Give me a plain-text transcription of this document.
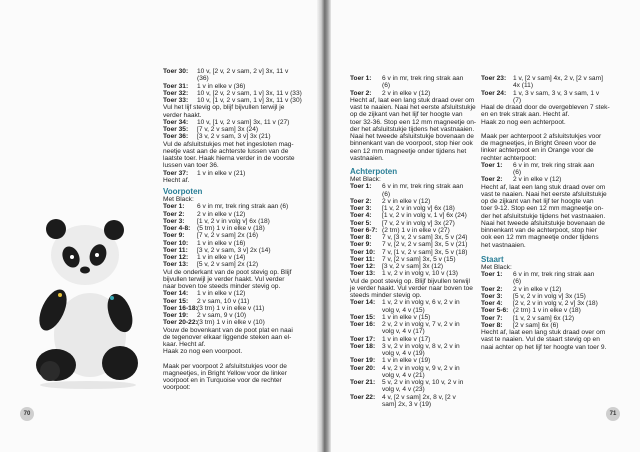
Toer 30:	10 v, [2 v, 2 v sam, 2 v] 3x, 11 v
(36)
Toer 31:	1 v in elke v (36)
Toer 32:	10 v, [2 v, 2 v sam, 1 v] 3x, 11 v (33)
Toer 33:	10 v, [1 v, 2 v sam, 1 v] 3x, 11 v (30)
Vul het lijf stevig op, blijf bijvullen terwijl je
verder haakt.
Toer 34:	10 v, [1 v, 2 v sam] 3x, 11 v (27)
Toer 35:	[7 v, 2 v sam] 3x (24)
Toer 36:	[3 v, 2 v sam, 3 v] 3x (21)
Vul de afsluitstukjes met het ingesloten mag-
neetje vast aan de achterste lussen van de
laatste toer. Haak hierna verder in de voorste
lussen van toer 36.
Toer 37:	1 v in elke v (21)
Hecht af.
Voorpoten
Met Black:
Toer 1:	6 v in mr, trek ring strak aan (6)
Toer 2:	2 v in elke v (12)
Toer 3:	[1 v, 2 v in volg v] 6x (18)
Toer 4-8:	(5 trn) 1 v in elke v (18)
Toer 9:	[7 v, 2 v sam] 2x (16)
Toer 10:	1 v in elke v (16)
Toer 11:	[3 v, 2 v sam, 3 v] 2x (14)
Toer 12:	1 v in elke v (14)
Toer 13:	[5 v, 2 v sam] 2x (12)
Vul de onderkant van de poot stevig op. Blijf
bijvullen terwijl je verder haakt. Vul verder
naar boven toe steeds minder stevig op.
Toer 14:	1 v in elke v (12)
Toer 15:	2 v sam, 10 v (11)
Toer 16-18: (3 trn) 1 v in elke v (11)
Toer 19:	2 v sam, 9 v (10)
Toer 20-22: (3 trn) 1 v in elke v (10)
Vouw de bovenkant van de poot plat en naai
de tegenover elkaar liggende steken aan el-
kaar. Hecht af.
Haak zo nog een voorpoot.
Maak per voorpoot 2 afsluitstukjes voor de
magneetjes, in Bright Yellow voor de linker
voorpoot en in Turquoise voor de rechter
voorpoot:
70
Toer 1:	6 v in mr, trek ring strak aan
(6)
Toer 2:	2 v in elke v (12)
Hecht af, laat een lang stuk draad over om
vast te naaien. Naai het eerste afsluitstukje
op de zijkant van het lijf ter hoogte van
toer 32-36. Stop een 12 mm magneetje on-
der het afsluitstukje tijdens het vastnaaien.
Naai het tweede afsluitstukje bovenaan de
binnenkant van de voorpoot, stop hier ook
een 12 mm magneetje onder tijdens het
vastnaaien.
Achterpoten
Met Black:
Toer 1:	6 v in mr, trek ring strak aan
(6)
Toer 2:	2 v in elke v (12)
Toer 3:	[1 v, 2 v in volg v] 6x (18)
Toer 4:	[1 v, 2 v in volg v, 1 v] 6x (24)
Toer 5:	[7 v, 2 v in volg v] 3x (27)
Toer 6-7: (2 trn) 1 v in elke v (27)
Toer 8:	7 v, [3 v, 2 v sam] 3x, 5 v (24)
Toer 9:	7 v, [2 v, 2 v sam] 3x, 5 v (21)
Toer 10:	7 v, [1 v, 2 v sam] 3x, 5 v (18)
Toer 11:	7 v, [2 v sam] 3x, 5 v (15)
Toer 12:	[3 v, 2 v sam] 3x (12)
Toer 13:	1 v, 2 v in volg v, 10 v (13)
Vul de poot stevig op. Blijf bijvullen terwijl
je verder haakt. Vul verder naar boven toe
steeds minder stevig op.
Toer 14:	1 v, 2 v in volg v, 6 v, 2 v in
volg v, 4 v (15)
Toer 15:	1 v in elke v (15)
Toer 16:	2 v, 2 v in volg v, 7 v, 2 v in
volg v, 4 v (17)
Toer 17:	1 v in elke v (17)
Toer 18:	3 v, 2 v in volg v, 8 v, 2 v in
volg v, 4 v (19)
Toer 19:	1 v in elke v (19)
Toer 20:	4 v, 2 v in volg v, 9 v, 2 v in
volg v, 4 v (21)
Toer 21:	5 v, 2 v in volg v, 10 v, 2 v in
volg v, 4 v (23)
Toer 22:	4 v, [2 v sam] 2x, 8 v, [2 v
sam] 2x, 3 v (19)
Toer 23:	1 v, [2 v sam] 4x, 2 v, [2 v sam]
4x (11)
Toer 24:	1 v, 3 v sam, 3 v, 3 v sam, 1 v
(7)
Haal de draad door de overgebleven 7 stek-
en en trek strak aan. Hecht af.
Haak zo nog een achterpoot.
Maak per achterpoot 2 afsluitstukjes voor
de magneetjes, in Bright Green voor de
linker achterpoot en in Orange voor de
rechter achterpoot:
Toer 1:	6 v in mr, trek ring strak aan
(6)
Toer 2:	2 v in elke v (12)
Hecht af, laat een lang stuk draad over om
vast te naaien. Naai het eerste afsluitstukje
op de zijkant van het lijf ter hoogte van
toer 9-12. Stop een 12 mm magneetje on-
der het afsluitstukje tijdens het vastnaaien.
Naai het tweede afsluitstukje bovenaan de
binnenkant van de achterpoot, stop hier
ook een 12 mm magneetje onder tijdens
het vastnaaien.
Staart
Met Black:
Toer 1:	6 v in mr, trek ring strak aan
(6)
Toer 2:	2 v in elke v (12)
Toer 3:	[5 v, 2 v in volg v] 3x (15)
Toer 4:	[2 v, 2 v in volg v, 2 v] 3x (18)
Toer 5-6: (2 trn) 1 v in elke v (18)
Toer 7:	[1 v, 2 v sam] 6x (12)
Toer 8:	[2 v sam] 6x (6)
Hecht af, laat een lang stuk draad over om
vast te naaien. Vul de staart stevig op en
naai achter op het lijf ter hoogte van toer 9.
71
